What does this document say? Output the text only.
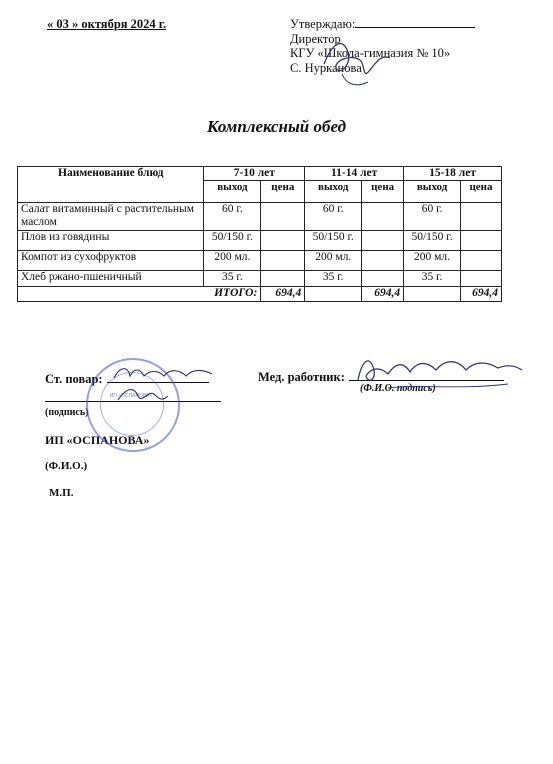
« 03 » октября 2024 г.	Утверждаю:
Директор
КГУ «Школа-гимназия № 10»
С. Нурканова
Комплексный обед
Наименование блюд	7-10 лет		11-14 лет		15-18 лет	
	выход	цена	выход	цена	выход	цена
Салат витаминный с растительным маслом	60 г.		60 г.		60 г.	
Плов из говядины	50/150 г.		50/150 г.		50/150 г.	
Компот из сухофруктов	200 мл.		200 мл.		200 мл.	
Хлеб ржано-пшеничный	35 г.		35 г.		35 г.	
ИТОГО:		694,4		694,4		694,4
Ст. повар:
(подпись)
ИП «ОСПАНОВА»
(Ф.И.О.)
М.П.
ИП «ОСПАНОВА»
Мед. работник:
(Ф.И.О. подпись)
